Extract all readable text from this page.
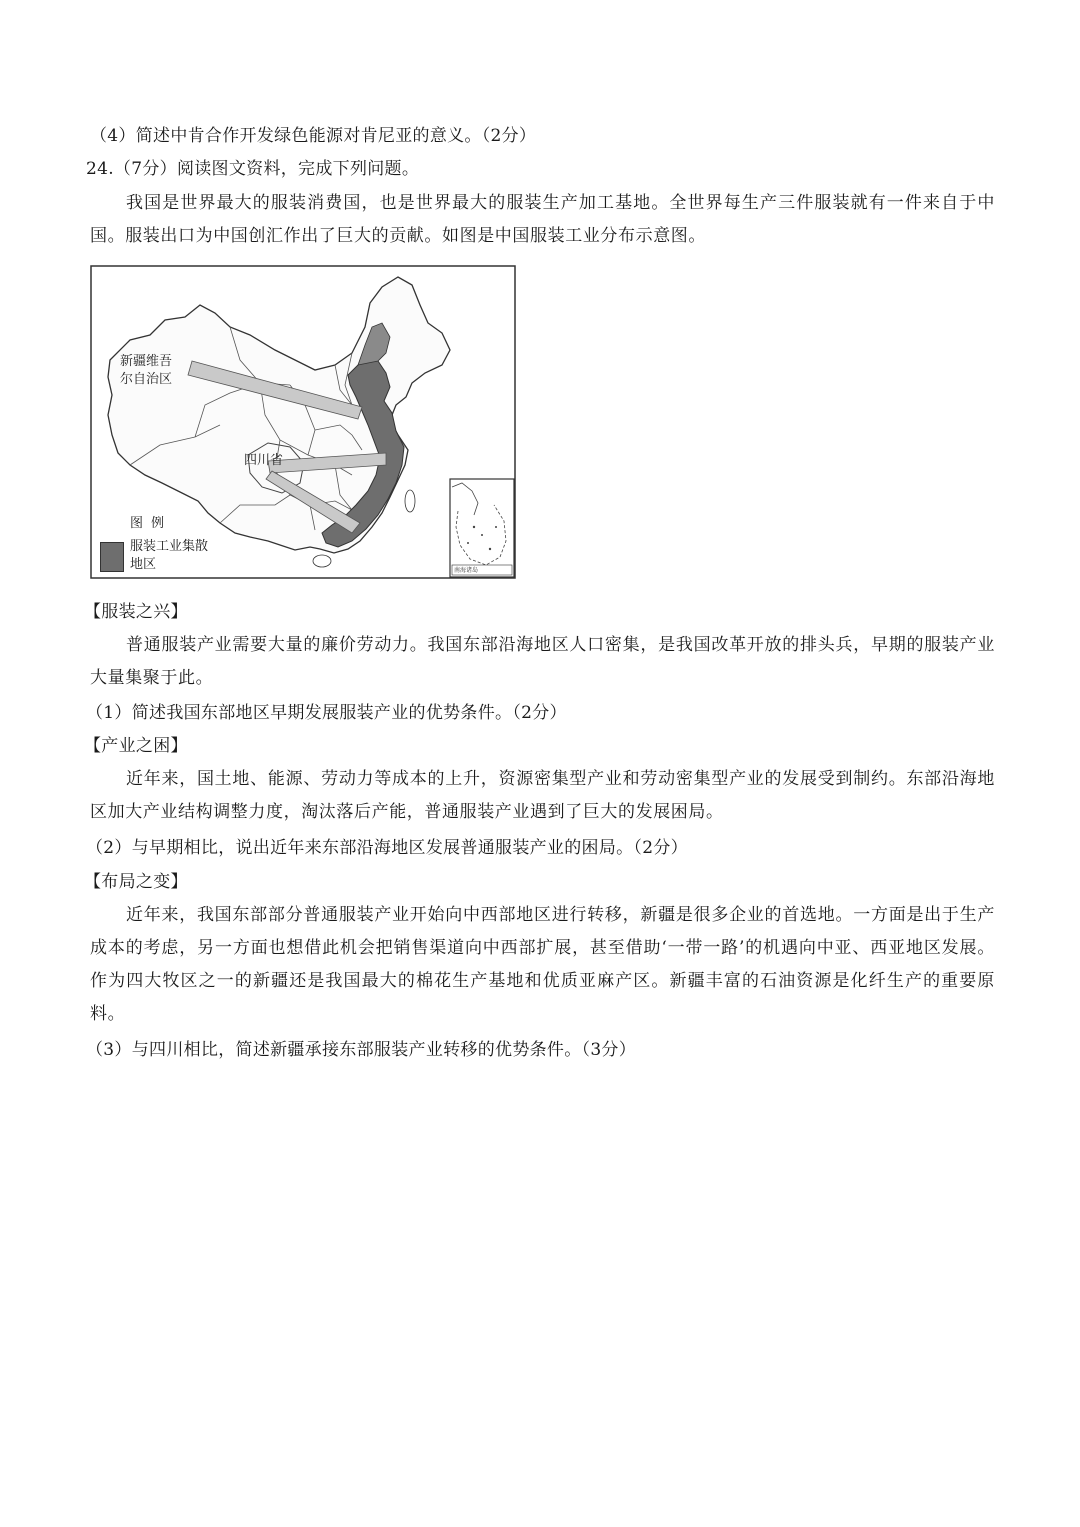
（4）简述中肯合作开发绿色能源对肯尼亚的意义。（2分）
24.（7分）阅读图文资料，完成下列问题。
我国是世界最大的服装消费国，也是世界最大的服装生产加工基地。全世界每生产三件服装就有一件来自于中国。服装出口为中国创汇作出了巨大的贡献。如图是中国服装工业分布示意图。
新疆维吾尔自治区
四川省
图例
服装工业集散地区	南海诸岛
【服装之兴】
普通服装产业需要大量的廉价劳动力。我国东部沿海地区人口密集，是我国改革开放的排头兵，早期的服装产业大量集聚于此。
（1）简述我国东部地区早期发展服装产业的优势条件。（2分）
【产业之困】
近年来，国土地、能源、劳动力等成本的上升，资源密集型产业和劳动密集型产业的发展受到制约。东部沿海地区加大产业结构调整力度，淘汰落后产能，普通服装产业遇到了巨大的发展困局。
（2）与早期相比，说出近年来东部沿海地区发展普通服装产业的困局。（2分）
【布局之变】
近年来，我国东部部分普通服装产业开始向中西部地区进行转移，新疆是很多企业的首选地。一方面是出于生产成本的考虑，另一方面也想借此机会把销售渠道向中西部扩展，甚至借助‘一带一路’的机遇向中亚、西亚地区发展。作为四大牧区之一的新疆还是我国最大的棉花生产基地和优质亚麻产区。新疆丰富的石油资源是化纤生产的重要原料。
（3）与四川相比，简述新疆承接东部服装产业转移的优势条件。（3分）
